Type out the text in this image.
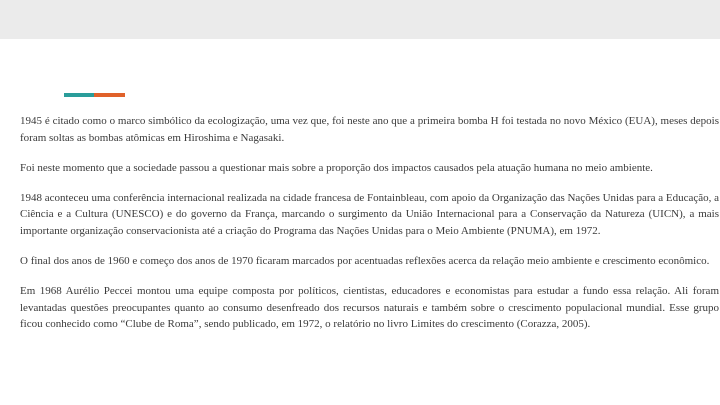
1945 é citado como o marco simbólico da ecologização, uma vez que, foi neste ano que a primeira bomba H foi testada no novo México (EUA), meses depois foram soltas as bombas atômicas em Hiroshima e Nagasaki.

Foi neste momento que a sociedade passou a questionar mais sobre a proporção dos impactos causados pela atuação humana no meio ambiente.

1948 aconteceu uma conferência internacional realizada na cidade francesa de Fontainbleau, com apoio da Organização das Nações Unidas para a Educação, a Ciência e a Cultura (UNESCO) e do governo da França, marcando o surgimento da União Internacional para a Conservação da Natureza (UICN), a mais importante organização conservacionista até a criação do Programa das Nações Unidas para o Meio Ambiente (PNUMA), em 1972.

O final dos anos de 1960 e começo dos anos de 1970 ficaram marcados por acentuadas reflexões acerca da relação meio ambiente e crescimento econômico.

Em 1968 Aurélio Peccei montou uma equipe composta por políticos, cientistas, educadores e economistas para estudar a fundo essa relação. Ali foram levantadas questões preocupantes quanto ao consumo desenfreado dos recursos naturais e também sobre o crescimento populacional mundial. Esse grupo ficou conhecido como “Clube de Roma”, sendo publicado, em 1972, o relatório no livro Limites do crescimento (Corazza, 2005).
